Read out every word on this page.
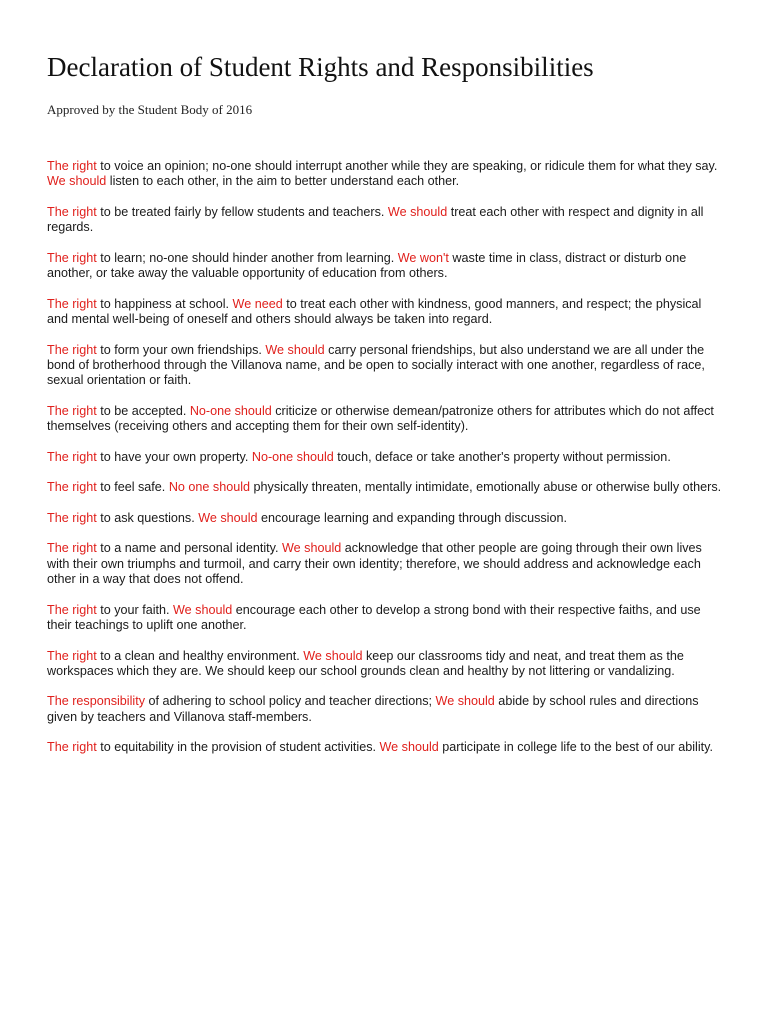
Declaration of Student Rights and Responsibilities

Approved by the Student Body of 2016

The right to voice an opinion; no-one should interrupt another while they are speaking, or ridicule them for what they say. We should listen to each other, in the aim to better understand each other.

The right to be treated fairly by fellow students and teachers. We should treat each other with respect and dignity in all regards.

The right to learn; no-one should hinder another from learning. We won't waste time in class, distract or disturb one another, or take away the valuable opportunity of education from others.

The right to happiness at school. We need to treat each other with kindness, good manners, and respect; the physical and mental well-being of oneself and others should always be taken into regard.

The right to form your own friendships. We should carry personal friendships, but also understand we are all under the bond of brotherhood through the Villanova name, and be open to socially interact with one another, regardless of race, sexual orientation or faith.

The right to be accepted. No-one should criticize or otherwise demean/patronize others for attributes which do not affect themselves (receiving others and accepting them for their own self-identity).

The right to have your own property. No-one should touch, deface or take another's property without permission.

The right to feel safe. No one should physically threaten, mentally intimidate, emotionally abuse or otherwise bully others.

The right to ask questions. We should encourage learning and expanding through discussion.

The right to a name and personal identity. We should acknowledge that other people are going through their own lives with their own triumphs and turmoil, and carry their own identity; therefore, we should address and acknowledge each other in a way that does not offend.

The right to your faith. We should encourage each other to develop a strong bond with their respective faiths, and use their teachings to uplift one another.

The right to a clean and healthy environment. We should keep our classrooms tidy and neat, and treat them as the workspaces which they are. We should keep our school grounds clean and healthy by not littering or vandalizing.

The responsibility of adhering to school policy and teacher directions; We should abide by school rules and directions given by teachers and Villanova staff-members.

The right to equitability in the provision of student activities. We should participate in college life to the best of our ability.
